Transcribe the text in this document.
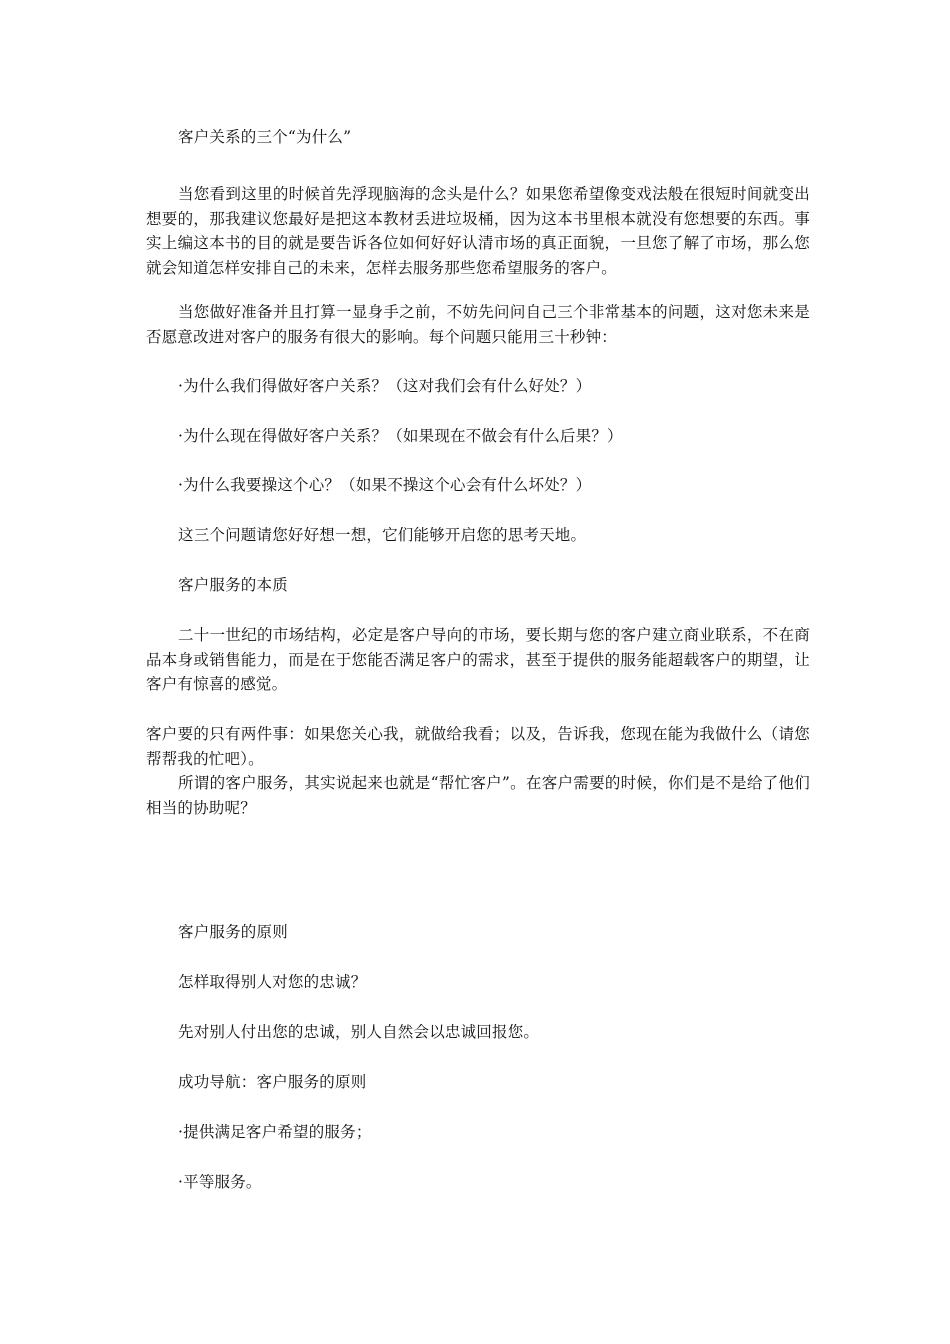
客户关系的三个“为什么”

当您看到这里的时候首先浮现脑海的念头是什么？如果您希望像变戏法般在很短时间就变出想要的，那我建议您最好是把这本教材丢进垃圾桶，因为这本书里根本就没有您想要的东西。事实上编这本书的目的就是要告诉各位如何好好认清市场的真正面貌，一旦您了解了市场，那么您就会知道怎样安排自己的未来，怎样去服务那些您希望服务的客户。

当您做好准备并且打算一显身手之前，不妨先问问自己三个非常基本的问题，这对您未来是否愿意改进对客户的服务有很大的影响。每个问题只能用三十秒钟：

·为什么我们得做好客户关系？（这对我们会有什么好处？）

·为什么现在得做好客户关系？（如果现在不做会有什么后果？）

·为什么我要操这个心？（如果不操这个心会有什么坏处？）

这三个问题请您好好想一想，它们能够开启您的思考天地。

客户服务的本质

二十一世纪的市场结构，必定是客户导向的市场，要长期与您的客户建立商业联系，不在商品本身或销售能力，而是在于您能否满足客户的需求，甚至于提供的服务能超载客户的期望，让客户有惊喜的感觉。

客户要的只有两件事：如果您关心我，就做给我看；以及，告诉我，您现在能为我做什么（请您帮帮我的忙吧）。

所谓的客户服务，其实说起来也就是“帮忙客户”。在客户需要的时候，你们是不是给了他们相当的协助呢？

客户服务的原则

怎样取得别人对您的忠诚？

先对别人付出您的忠诚，别人自然会以忠诚回报您。

成功导航：客户服务的原则

·提供满足客户希望的服务；

·平等服务。
